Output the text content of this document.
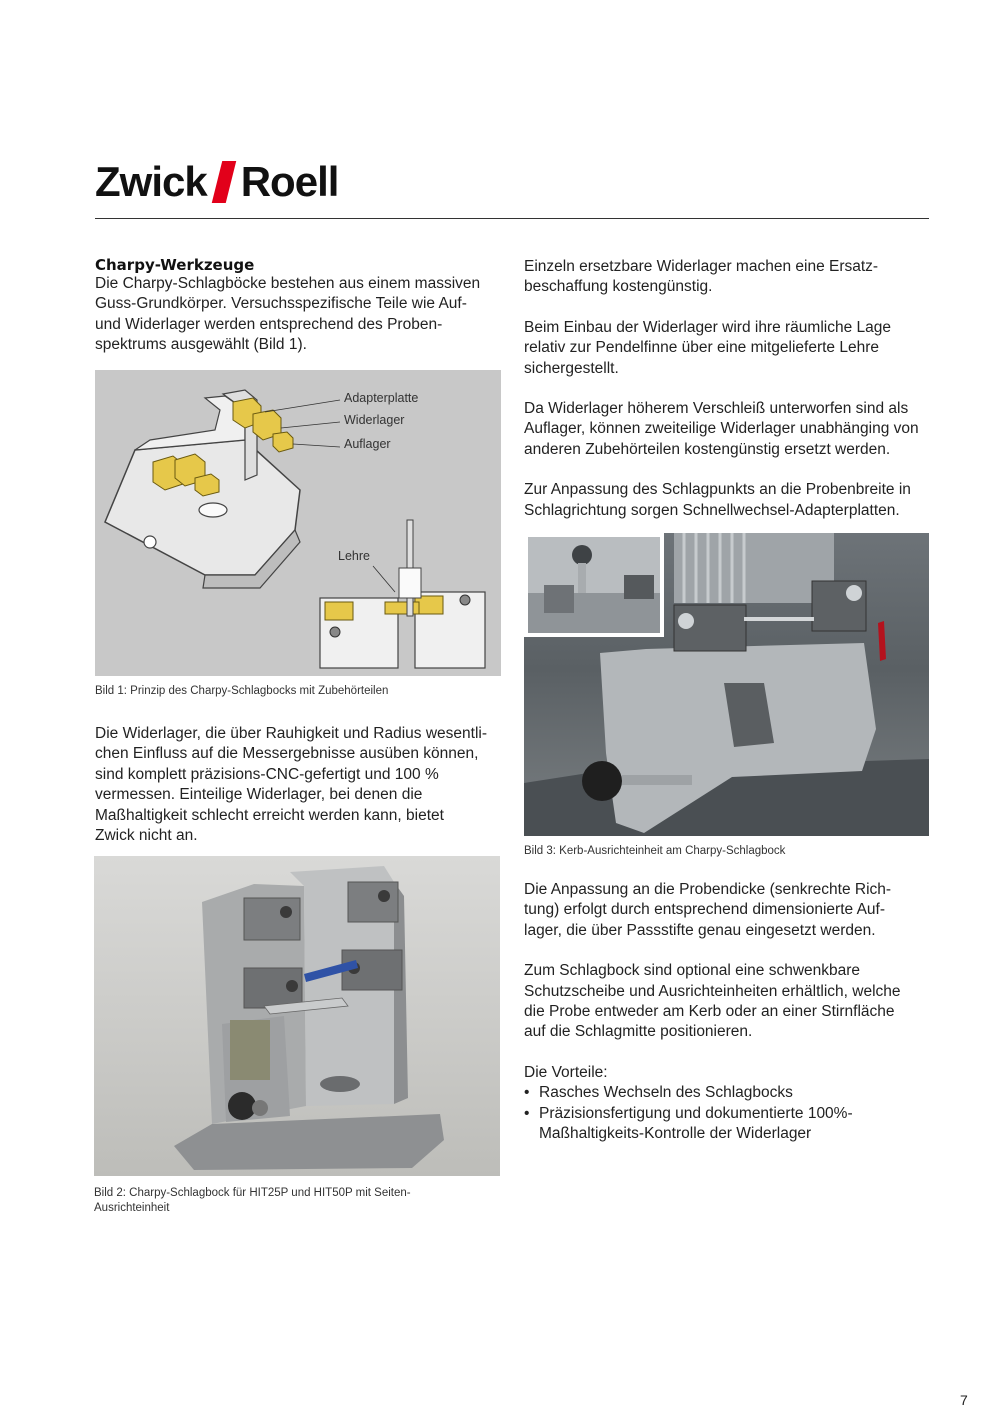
Zwick Roell
Charpy-Werkzeuge
Die Charpy-Schlagböcke bestehen aus einem massiven
Guss-Grundkörper. Versuchsspezifische Teile wie Auf-
und Widerlager werden entsprechend des Proben-
spektrums ausgewählt (Bild 1).
Adapterplatte
Widerlager
Auflager
Lehre
Bild 1: Prinzip des Charpy-Schlagbocks mit Zubehörteilen
Die Widerlager, die über Rauhigkeit und Radius wesentli-
chen Einfluss auf die Messergebnisse ausüben können,
sind komplett präzisions-CNC-gefertigt und 100 %
vermessen. Einteilige Widerlager, bei denen die
Maßhaltigkeit schlecht erreicht werden kann, bietet
Zwick nicht an.
Bild 2: Charpy-Schlagbock für HIT25P und HIT50P mit Seiten-
Ausrichteinheit
Einzeln ersetzbare Widerlager machen eine Ersatz-
beschaffung kostengünstig.
Beim Einbau der Widerlager wird ihre räumliche Lage
relativ zur Pendelfinne über eine mitgelieferte Lehre
sichergestellt.
Da Widerlager höherem Verschleiß unterworfen sind als
Auflager, können zweiteilige Widerlager unabhänging von
anderen Zubehörteilen kostengünstig ersetzt werden.
Zur Anpassung des Schlagpunkts an die Probenbreite in
Schlagrichtung sorgen Schnellwechsel-Adapterplatten.
Bild 3: Kerb-Ausrichteinheit am Charpy-Schlagbock
Die Anpassung an die Probendicke (senkrechte Rich-
tung) erfolgt durch entsprechend dimensionierte Auf-
lager, die über Passstifte genau eingesetzt werden.
Zum Schlagbock sind optional eine schwenkbare
Schutzscheibe und Ausrichteinheiten erhältlich, welche
die Probe entweder am Kerb oder an einer Stirnfläche
auf die Schlagmitte positionieren.
Die Vorteile:
• Rasches Wechseln des Schlagbocks
• Präzisionsfertigung und dokumentierte 100%-
Maßhaltigkeits-Kontrolle der Widerlager
7
